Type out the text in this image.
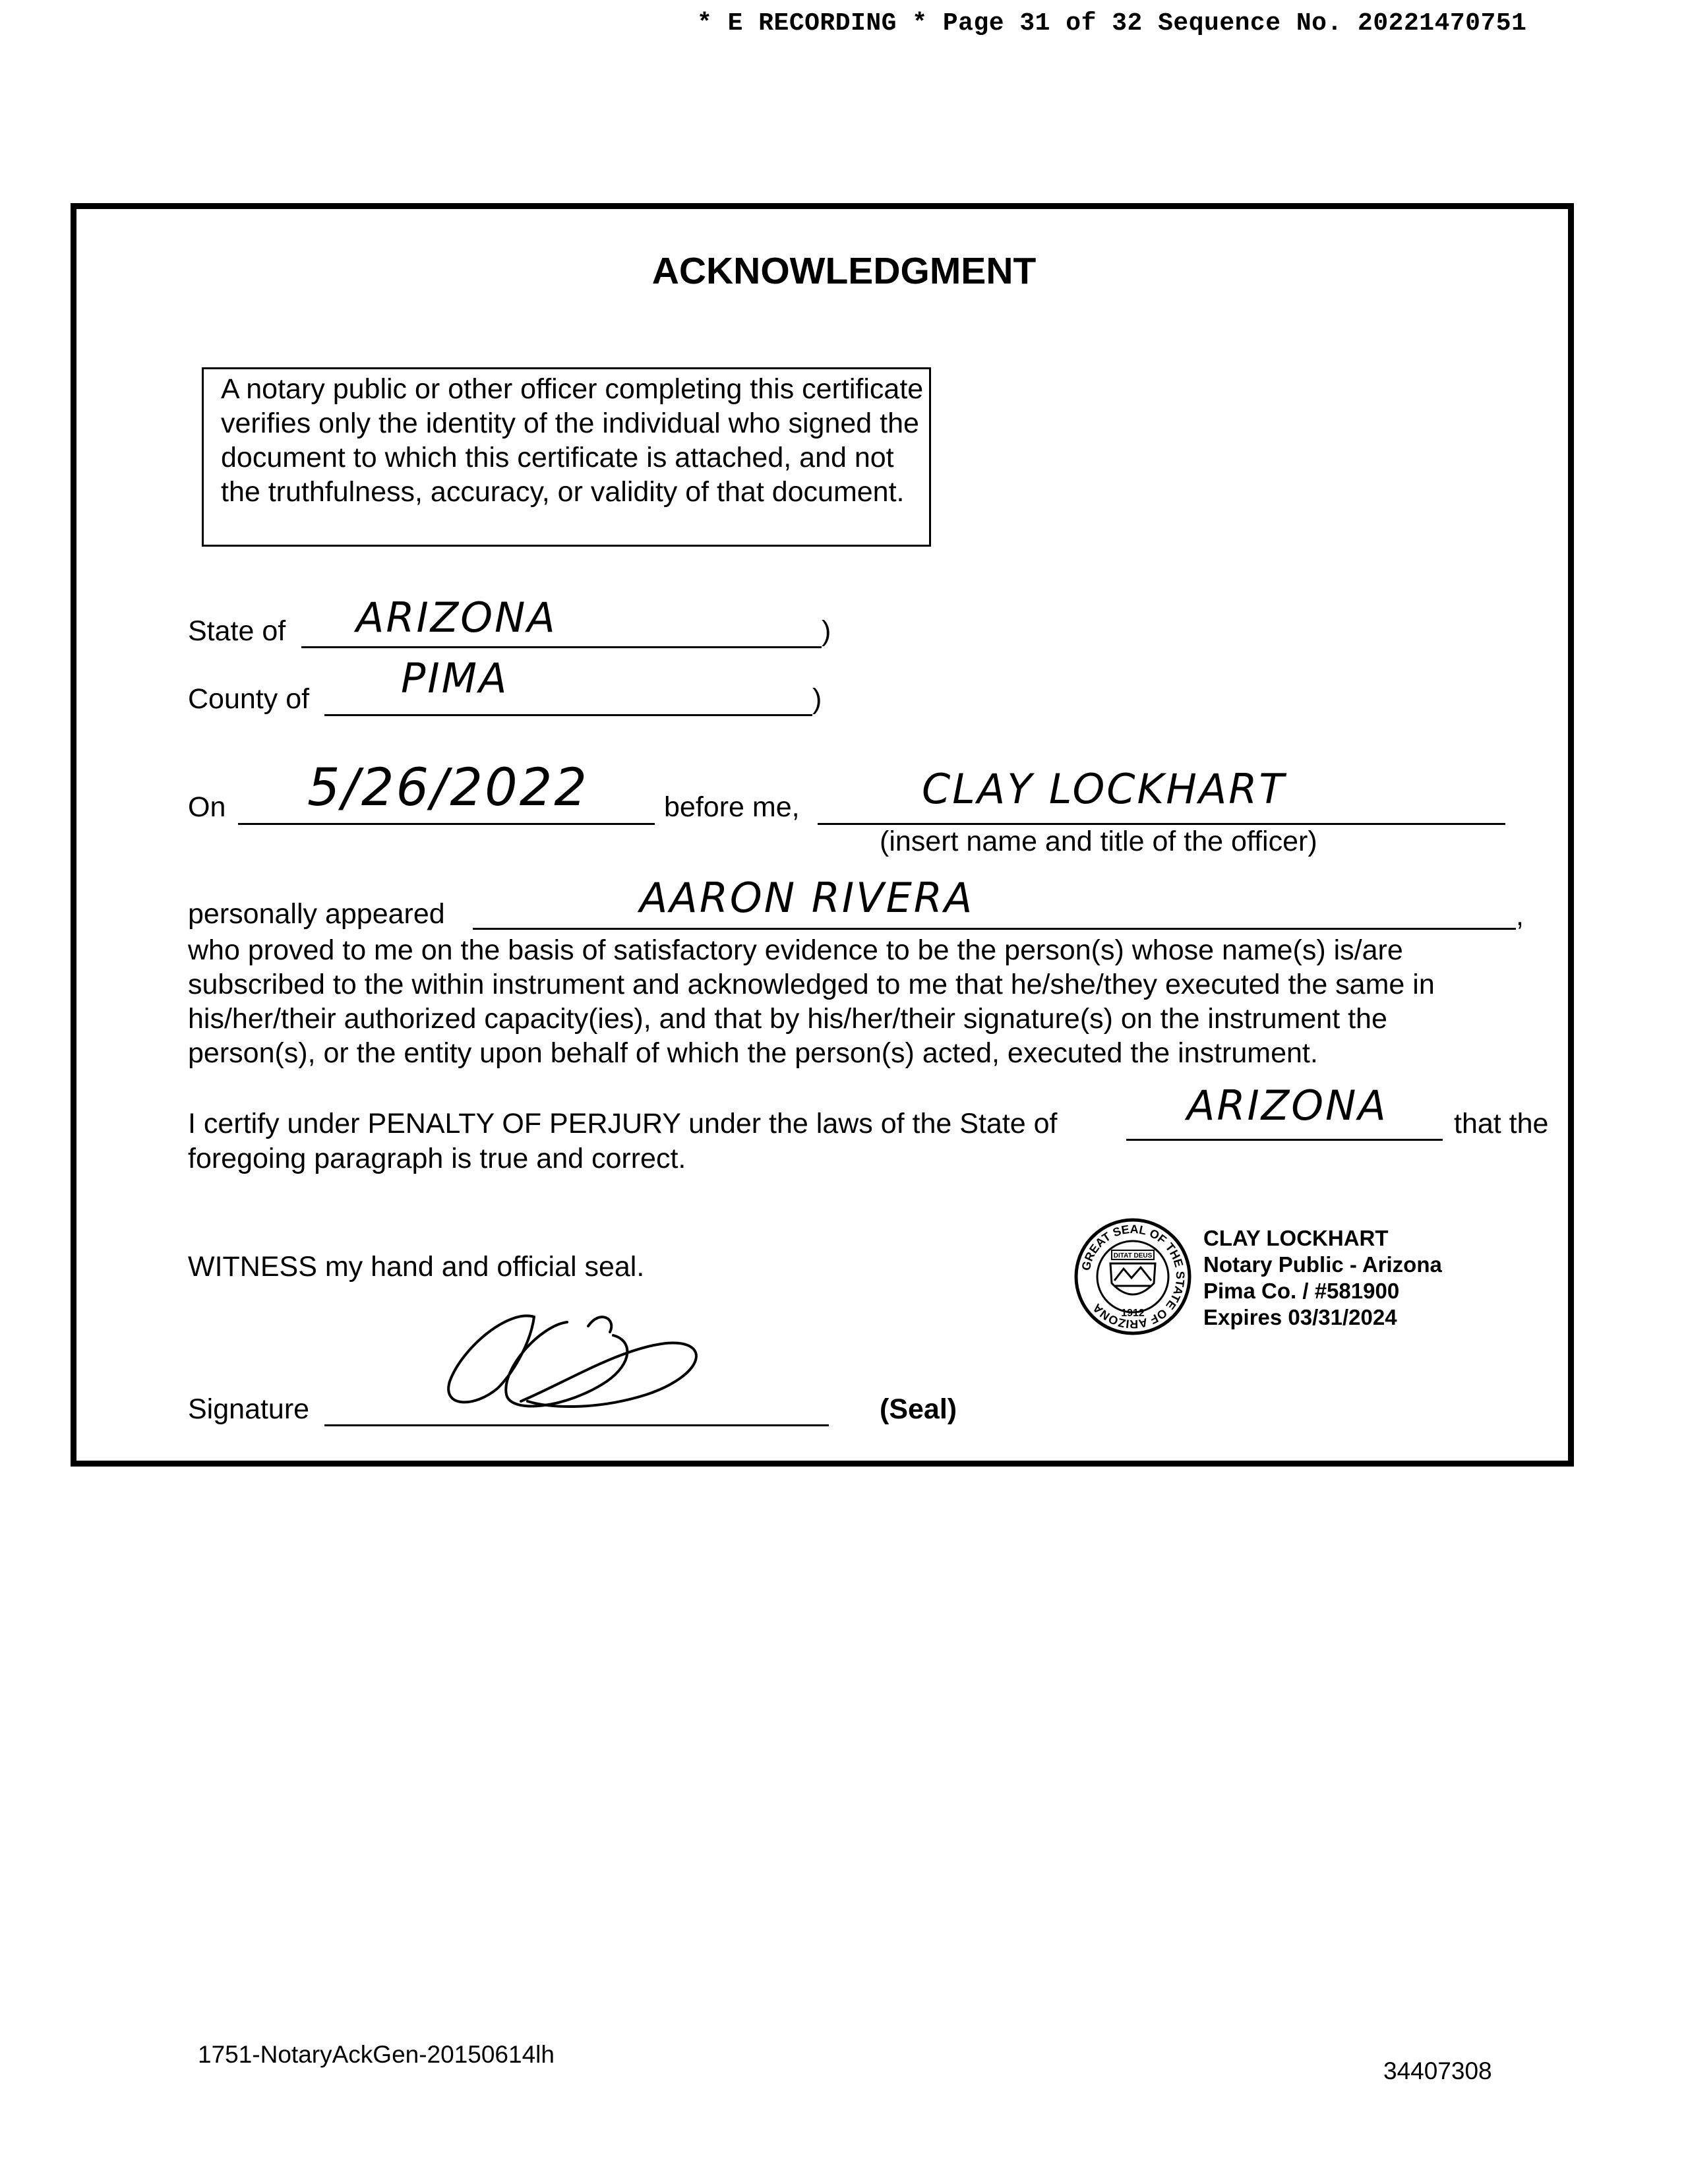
* E RECORDING * Page 31 of 32 Sequence No. 20221470751
ACKNOWLEDGMENT
A notary public or other officer completing this certificate verifies only the identity of the individual who signed the document to which this certificate is attached, and not the truthfulness, accuracy, or validity of that document.
State of	)
ARIZONA
County of	)
PIMA
On 5/26/2022	before me,	CLAY LOCKHART
(insert name and title of the officer)
personally appeared	,
AARON RIVERA
who proved to me on the basis of satisfactory evidence to be the person(s) whose name(s) is/are
subscribed to the within instrument and acknowledged to me that he/she/they executed the same in
his/her/their authorized capacity(ies), and that by his/her/their signature(s) on the instrument the
person(s), or the entity upon behalf of which the person(s) acted, executed the instrument.
I certify under PENALTY OF PERJURY under the laws of the State of	ARIZONA that the
foregoing paragraph is true and correct.
WITNESS my hand and official seal.	GREAT SEAL OF THE STATE OF ARIZONA
DITAT DEUS
1912
CLAY LOCKHART
Notary Public - Arizona
Pima Co. / #581900
Expires 03/31/2024
Signature	(Seal)
1751-NotaryAckGen-20150614lh
34407308
